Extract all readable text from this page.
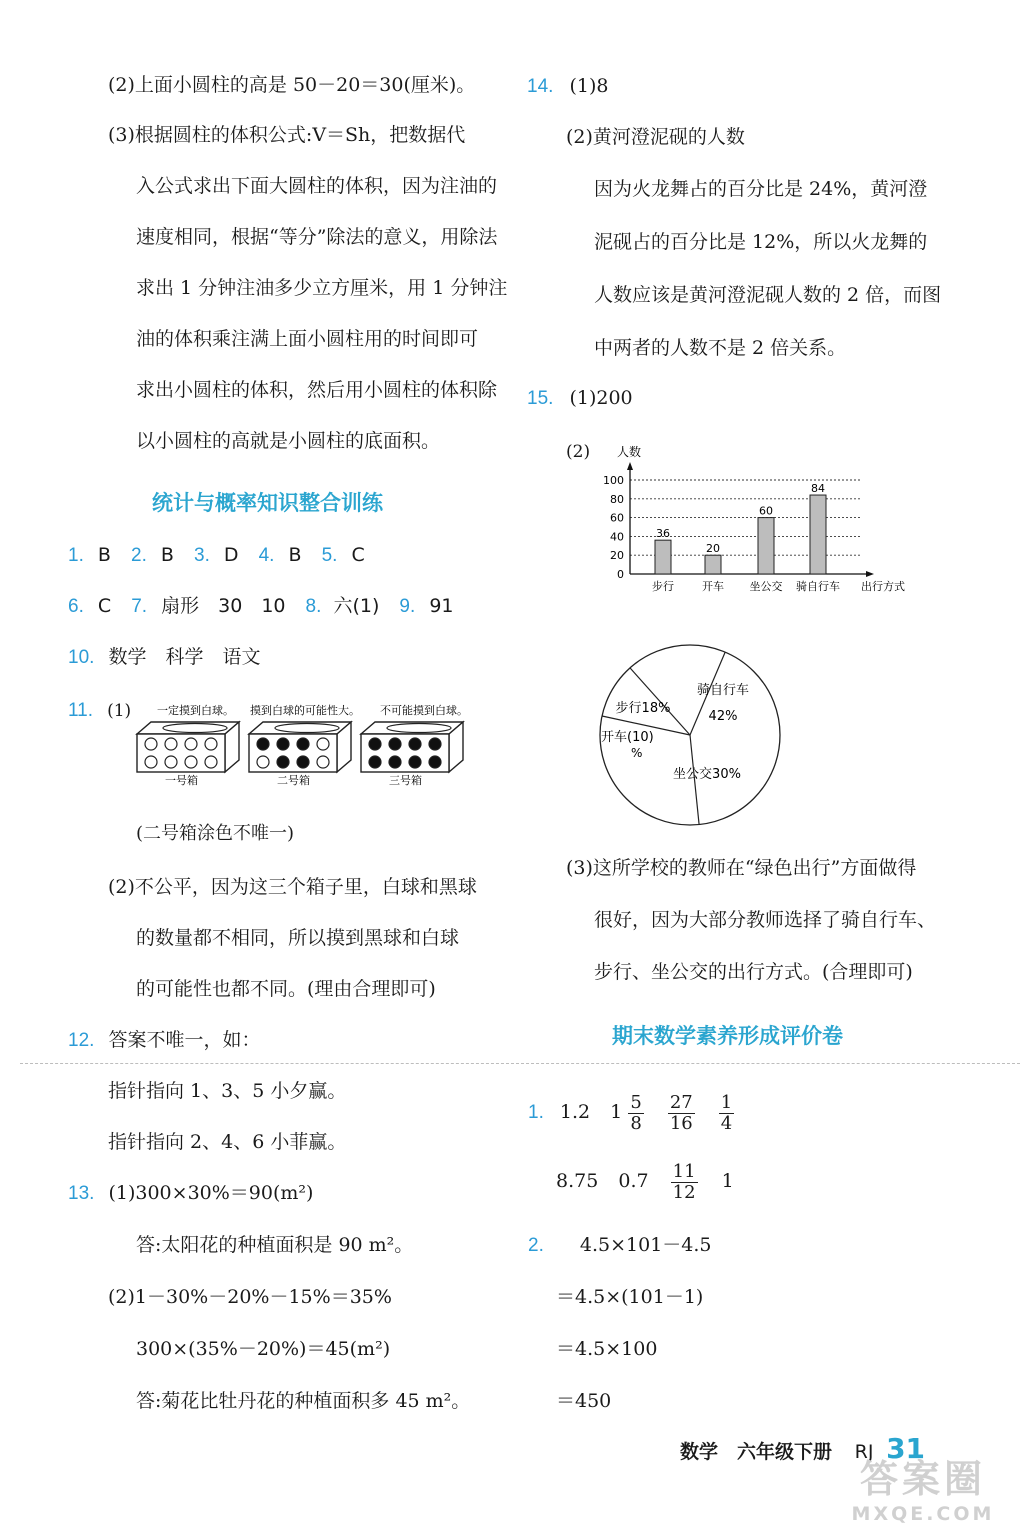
(2)上面小圆柱的高是 50－20＝30(厘米)。
(3)根据圆柱的体积公式:V＝Sh，把数据代
入公式求出下面大圆柱的体积，因为注油的
速度相同，根据“等分”除法的意义，用除法
求出 1 分钟注油多少立方厘米，用 1 分钟注
油的体积乘注满上面小圆柱用的时间即可
求出小圆柱的体积，然后用小圆柱的体积除
以小圆柱的高就是小圆柱的底面积。
统计与概率知识整合训练
1. B 2. B 3. D 4. B 5. C
6. C 7. 扇形　30　10 8. 六(1) 9. 91
10. 数学　科学　语文
11. (1) 一定摸到白球。 摸到白球的可能性大。 不可能摸到白球。
一号箱	二号箱	三号箱
(二号箱涂色不唯一)
(2)不公平，因为这三个箱子里，白球和黑球
的数量都不相同，所以摸到黑球和白球
的可能性也都不同。(理由合理即可)
12. 答案不唯一，如：
指针指向 1、3、5 小夕赢。
指针指向 2、4、6 小菲赢。
13. (1)300×30%＝90(m²)
答:太阳花的种植面积是 90 m²。
(2)1－30%－20%－15%＝35%
300×(35%－20%)＝45(m²)
答:菊花比牡丹花的种植面积多 45 m²。
14. (1)8
(2)黄河澄泥砚的人数
因为火龙舞占的百分比是 24%，黄河澄
泥砚占的百分比是 12%，所以火龙舞的
人数应该是黄河澄泥砚人数的 2 倍，而图
中两者的人数不是 2 倍关系。
15. (1)200
(2) 人数
0
20
40
60
80
100
36
步行
20
开车
60
坐公交
84
骑自行车 出行方式
骑自行车
42%
坐公交30%
开车(10)
%
步行18%
(3)这所学校的教师在“绿色出行”方面做得
很好，因为大部分教师选择了骑自行车、
步行、坐公交的出行方式。(合理即可)
期末数学素养形成评价卷
1. 1.2 $1 \frac{5}{8}$
$\frac{27}{16}$
$\frac{1}{4}$
8.75 $0.7 \frac{11}{12} 1$
2. 4.5×101－4.5
＝4.5×(101－1)
＝4.5×100
＝450
数学　六年级下册 RJ 31
答案圈
MXQE.COM
